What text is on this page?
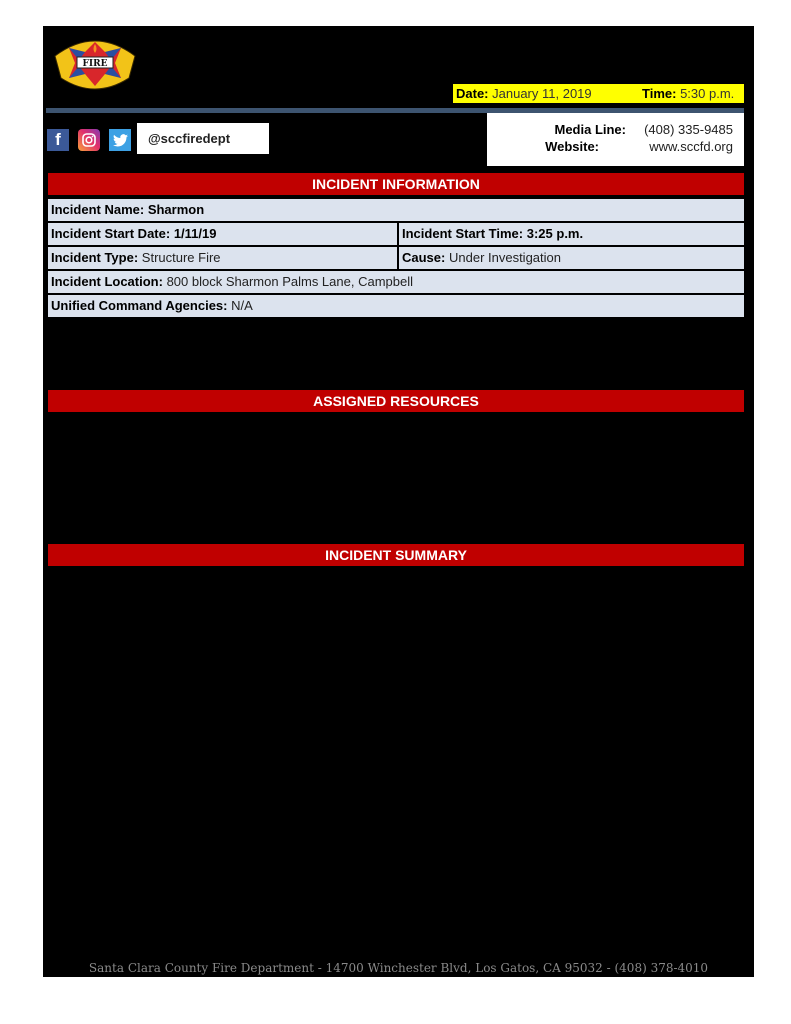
FIRE
Date: January 11, 2019	Time: 5:30 p.m.
f	@sccfiredept
Media Line: (408) 335-9485
Website:	www.sccfd.org
INCIDENT INFORMATION
Incident Name: Sharmon
Incident Start Date: 1/11/19	Incident Start Time: 3:25 p.m.
Incident Type: Structure Fire	Cause: Under Investigation
Incident Location: 800 block Sharmon Palms Lane, Campbell
Unified Command Agencies: N/A
ASSIGNED RESOURCES
INCIDENT SUMMARY
Santa Clara County Fire Department - 14700 Winchester Blvd, Los Gatos, CA 95032 - (408) 378-4010
